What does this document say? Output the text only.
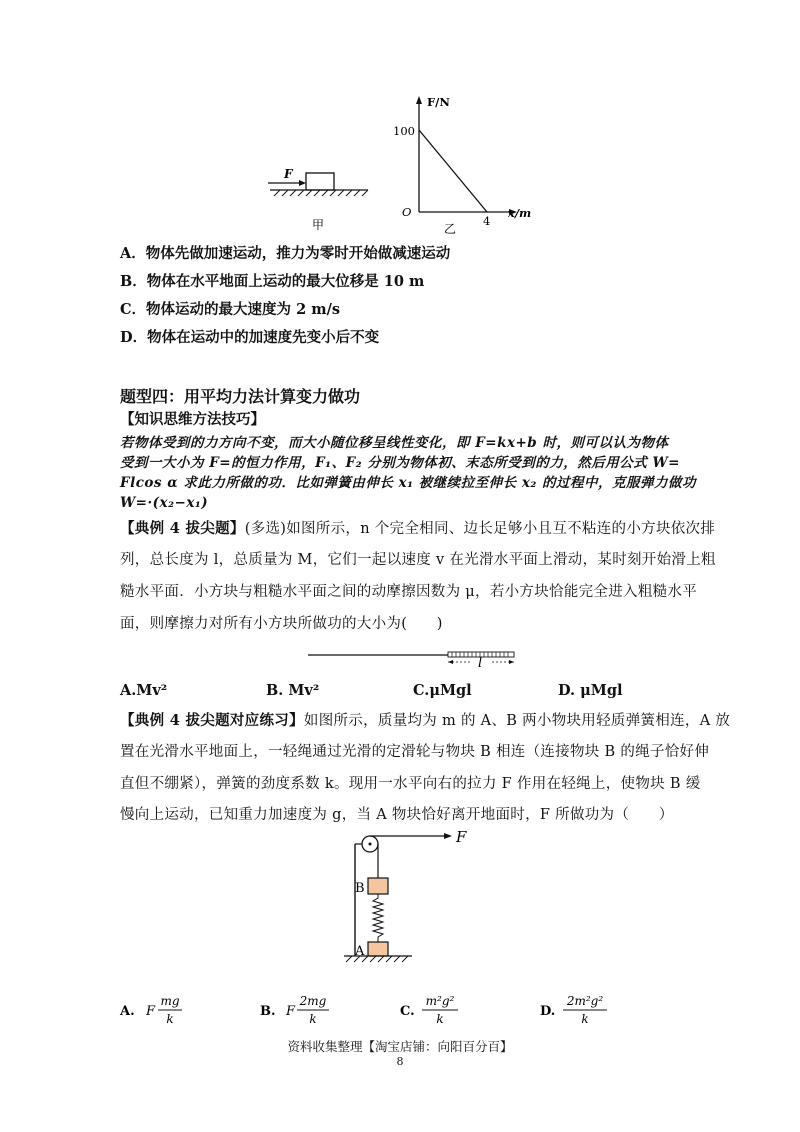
F
甲
F/N
100
O
4
x/m
乙
A．物体先做加速运动，推力为零时开始做减速运动
B．物体在水平地面上运动的最大位移是 10 m
C．物体运动的最大速度为 2 m/s
D．物体在运动中的加速度先变小后不变
题型四：用平均力法计算变力做功
【知识思维方法技巧】
若物体受到的力方向不变，而大小随位移呈线性变化，即 F=kx+b 时，则可以认为物体
受到一大小为 F=的恒力作用，F₁、F₂ 分别为物体初、末态所受到的力，然后用公式 W=
Flcos α 求此力所做的功．比如弹簧由伸长 x₁ 被继续拉至伸长 x₂ 的过程中，克服弹力做功
W=·(x₂−x₁)
【典例 4 拔尖题】(多选)如图所示，n 个完全相同、边长足够小且互不粘连的小方块依次排
列，总长度为 l，总质量为 M，它们一起以速度 v 在光滑水平面上滑动，某时刻开始滑上粗
糙水平面．小方块与粗糙水平面之间的动摩擦因数为 μ，若小方块恰能完全进入粗糙水平
面，则摩擦力对所有小方块所做功的大小为(　　)
l
A.Mv²	B. Mv²	C.μMgl	D. μMgl
【典例 4 拔尖题对应练习】如图所示，质量均为 m 的 A、B 两小物块用轻质弹簧相连，A 放
置在光滑水平地面上，一轻绳通过光滑的定滑轮与物块 B 相连（连接物块 B 的绳子恰好伸
直但不绷紧），弹簧的劲度系数 k。现用一水平向右的拉力 F 作用在轻绳上，使物块 B 缓
慢向上运动，已知重力加速度为 g，当 A 物块恰好离开地面时，F 所做功为（　　）
F
B
A
A. F
mg
k	B. F
2mg
k	C.
m²g²
k	D.
2m²g²
k
资料收集整理【淘宝店铺：向阳百分百】
8
